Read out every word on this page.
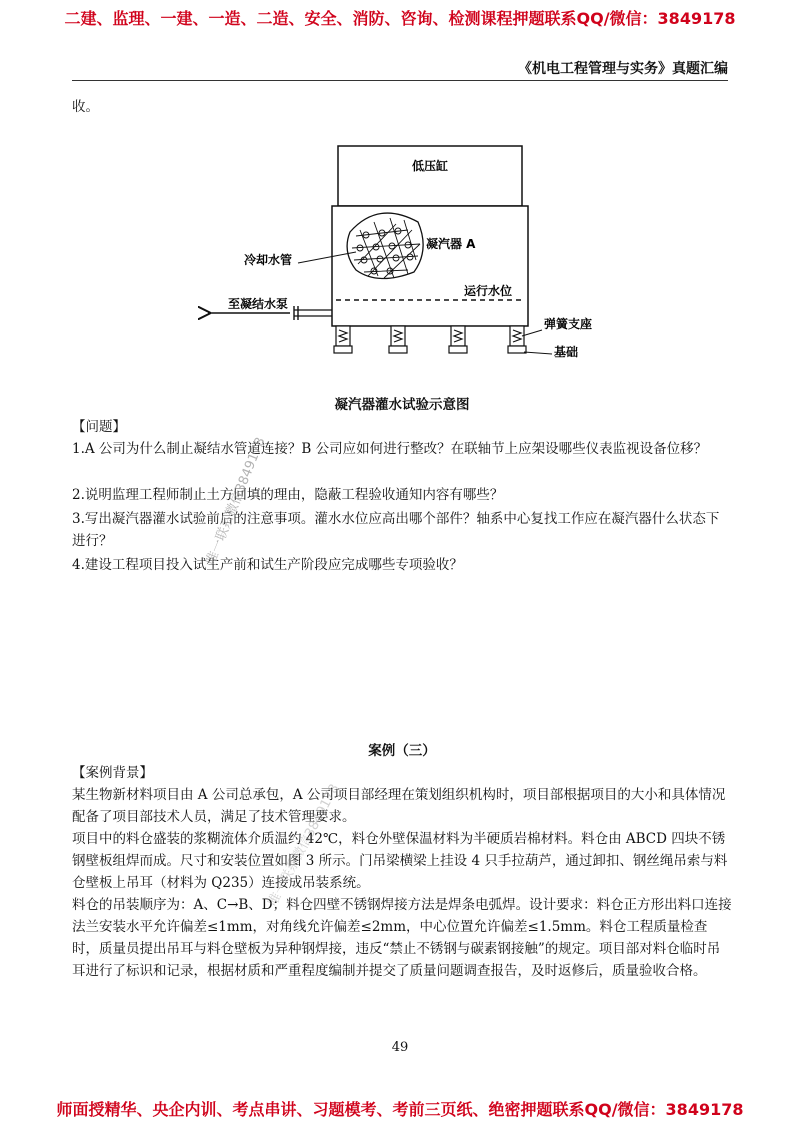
二建、监理、一建、一造、二造、安全、消防、咨询、检测课程押题联系QQ/微信：3849178
《机电工程管理与实务》真题汇编
收。
低压缸
凝汽器 A
冷却水管
运行水位
至凝结水泵
弹簧支座
基础
凝汽器灌水试验示意图
【问题】
1.A 公司为什么制止凝结水管道连接？B 公司应如何进行整改？在联轴节上应架设哪些仪表监视设备位移？
2.说明监理工程师制止土方回填的理由，隐蔽工程验收通知内容有哪些？
3.写出凝汽器灌水试验前后的注意事项。灌水水位应高出哪个部件？轴系中心复找工作应在凝汽器什么状态下进行？
4.建设工程项目投入试生产前和试生产阶段应完成哪些专项验收？
案例（三）
【案例背景】
某生物新材料项目由 A 公司总承包，A 公司项目部经理在策划组织机构时，项目部根据项目的大小和具体情况配备了项目部技术人员，满足了技术管理要求。
项目中的料仓盛装的浆糊流体介质温约 42℃，料仓外壁保温材料为半硬质岩棉材料。料仓由 ABCD 四块不锈钢壁板组焊而成。尺寸和安装位置如图 3 所示。门吊梁横梁上挂设 4 只手拉葫芦，通过卸扣、钢丝绳吊索与料仓壁板上吊耳（材料为 Q235）连接成吊装系统。
料仓的吊装顺序为：A、C→B、D；料仓四壁不锈钢焊接方法是焊条电弧焊。设计要求：料仓正方形出料口连接法兰安装水平允许偏差≤1mm，对角线允许偏差≤2mm，中心位置允许偏差≤1.5mm。料仓工程质量检查时，质量员提出吊耳与料仓壁板为异种钢焊接，违反“禁止不锈钢与碳素钢接触”的规定。项目部对料仓临时吊耳进行了标识和记录，根据材质和严重程度编制并提交了质量问题调查报告，及时返修后，质量验收合格。
49
唯一联系微信3849178
唯一联系微信3849178
师面授精华、央企内训、考点串讲、习题模考、考前三页纸、绝密押题联系QQ/微信：3849178
